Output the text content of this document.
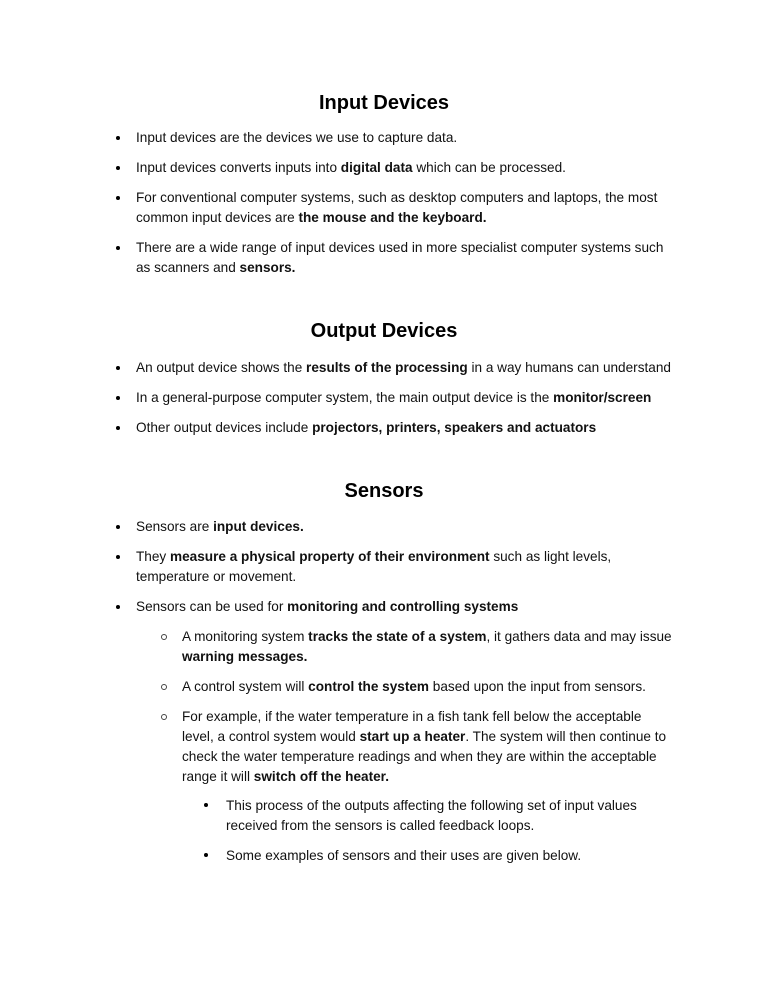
Input Devices
Input devices are the devices we use to capture data.
Input devices converts inputs into digital data which can be processed.
For conventional computer systems, such as desktop computers and laptops, the most common input devices are the mouse and the keyboard.
There are a wide range of input devices used in more specialist computer systems such as scanners and sensors.
Output Devices
An output device shows the results of the processing in a way humans can understand
In a general-purpose computer system, the main output device is the monitor/screen
Other output devices include projectors, printers, speakers and actuators
Sensors
Sensors are input devices.
They measure a physical property of their environment such as light levels, temperature or movement.
Sensors can be used for monitoring and controlling systems
A monitoring system tracks the state of a system, it gathers data and may issue warning messages.
A control system will control the system based upon the input from sensors.
For example, if the water temperature in a fish tank fell below the acceptable level, a control system would start up a heater. The system will then continue to check the water temperature readings and when they are within the acceptable range it will switch off the heater.
This process of the outputs affecting the following set of input values received from the sensors is called feedback loops.
Some examples of sensors and their uses are given below.
